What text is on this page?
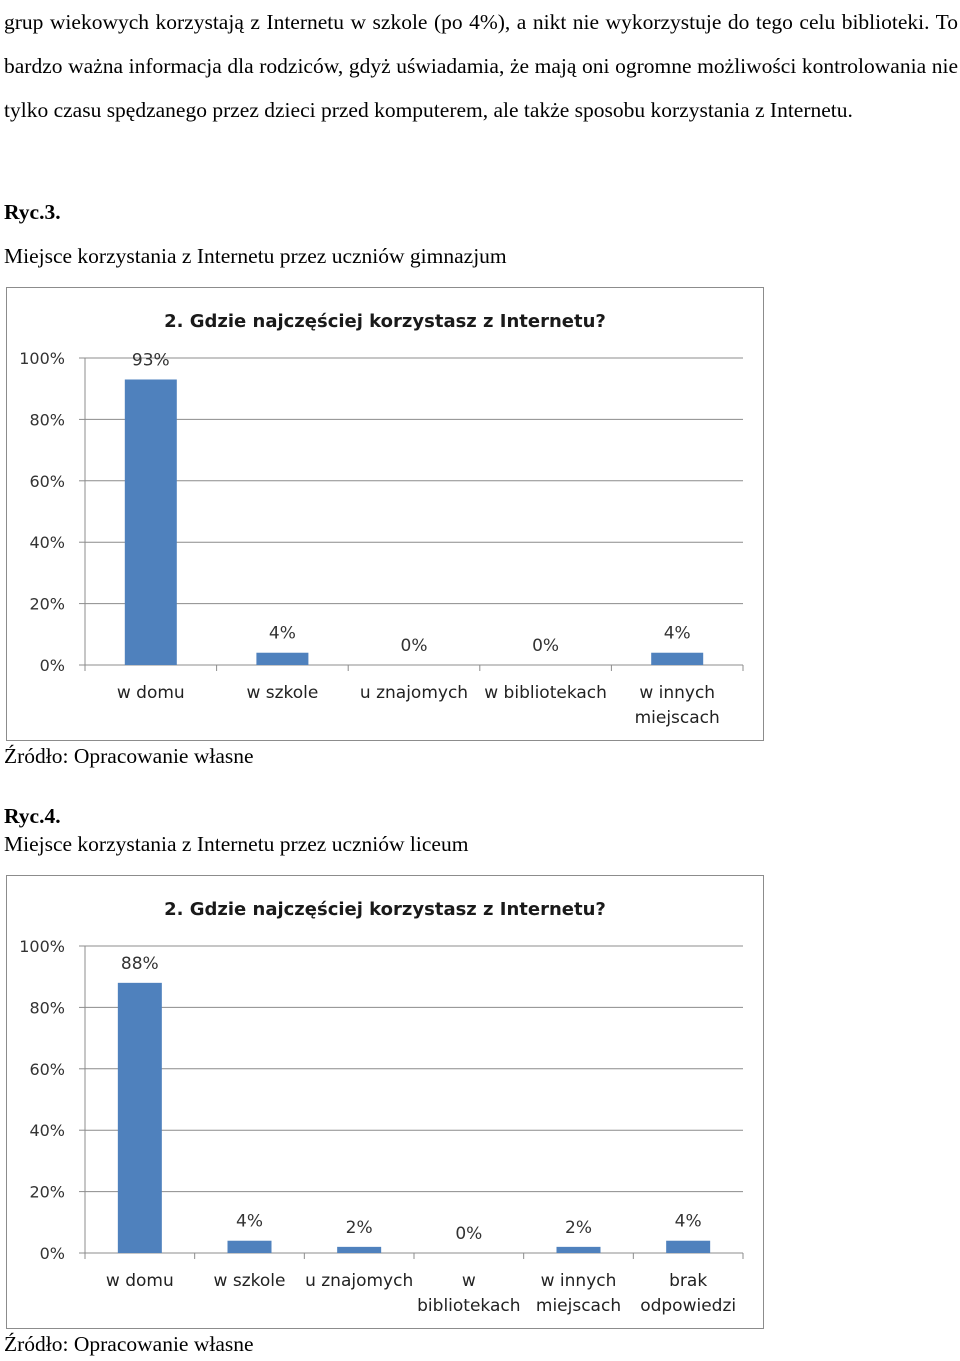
grup wiekowych korzystają z Internetu w szkole (po 4%), a nikt nie wykorzystuje do tego celu biblioteki. To bardzo ważna informacja dla rodziców, gdyż uświadamia, że mają oni ogromne możliwości kontrolowania nie tylko czasu spędzanego przez dzieci przed komputerem, ale także sposobu korzystania z Internetu.
Ryc.3.
Miejsce korzystania z Internetu przez uczniów gimnazjum
2. Gdzie najczęściej korzystasz z Internetu?
0%
20%
40%
60%
80%
100%	93%
w domu
4%
w szkole
0%
u znajomych
0%
w bibliotekach
4%
w innych
miejscach
Źródło: Opracowanie własne
Ryc.4.
Miejsce korzystania z Internetu przez uczniów liceum
2. Gdzie najczęściej korzystasz z Internetu?
0%
20%
40%
60%
80%
100%
88%
w domu
4%
w szkole
2%
u znajomych
0%
w
bibliotekach
2%
w innych
miejscach
4%
brak
odpowiedzi
Źródło: Opracowanie własne
